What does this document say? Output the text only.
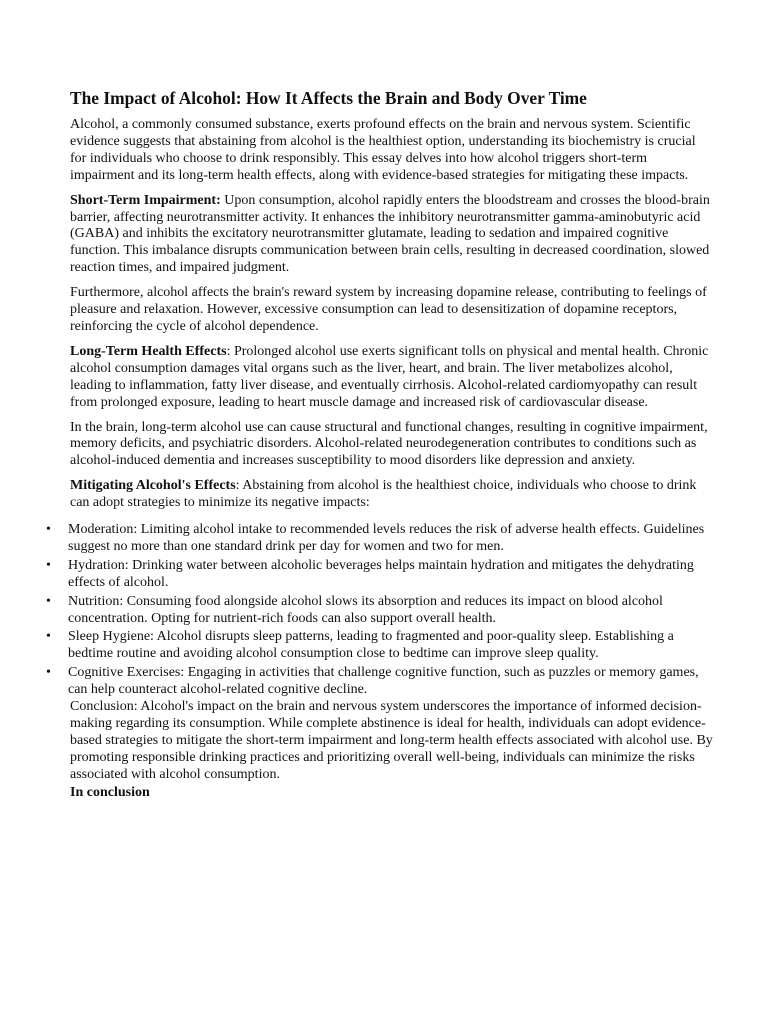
The Impact of Alcohol: How It Affects the Brain and Body Over Time

Alcohol, a commonly consumed substance, exerts profound effects on the brain and nervous system. Scientific evidence suggests that abstaining from alcohol is the healthiest option, understanding its biochemistry is crucial for individuals who choose to drink responsibly. This essay delves into how alcohol triggers short-term impairment and its long-term health effects, along with evidence-based strategies for mitigating these impacts.

Short-Term Impairment: Upon consumption, alcohol rapidly enters the bloodstream and crosses the blood-brain barrier, affecting neurotransmitter activity. It enhances the inhibitory neurotransmitter gamma-aminobutyric acid (GABA) and inhibits the excitatory neurotransmitter glutamate, leading to sedation and impaired cognitive function. This imbalance disrupts communication between brain cells, resulting in decreased coordination, slowed reaction times, and impaired judgment.

Furthermore, alcohol affects the brain's reward system by increasing dopamine release, contributing to feelings of pleasure and relaxation. However, excessive consumption can lead to desensitization of dopamine receptors, reinforcing the cycle of alcohol dependence.

Long-Term Health Effects: Prolonged alcohol use exerts significant tolls on physical and mental health. Chronic alcohol consumption damages vital organs such as the liver, heart, and brain. The liver metabolizes alcohol, leading to inflammation, fatty liver disease, and eventually cirrhosis. Alcohol-related cardiomyopathy can result from prolonged exposure, leading to heart muscle damage and increased risk of cardiovascular disease.

In the brain, long-term alcohol use can cause structural and functional changes, resulting in cognitive impairment, memory deficits, and psychiatric disorders. Alcohol-related neurodegeneration contributes to conditions such as alcohol-induced dementia and increases susceptibility to mood disorders like depression and anxiety.

Mitigating Alcohol's Effects: Abstaining from alcohol is the healthiest choice, individuals who choose to drink can adopt strategies to minimize its negative impacts:

•	Moderation: Limiting alcohol intake to recommended levels reduces the risk of adverse health effects. Guidelines suggest no more than one standard drink per day for women and two for men.
•	Hydration: Drinking water between alcoholic beverages helps maintain hydration and mitigates the dehydrating effects of alcohol.
•	Nutrition: Consuming food alongside alcohol slows its absorption and reduces its impact on blood alcohol concentration. Opting for nutrient-rich foods can also support overall health.
•	Sleep Hygiene: Alcohol disrupts sleep patterns, leading to fragmented and poor-quality sleep. Establishing a bedtime routine and avoiding alcohol consumption close to bedtime can improve sleep quality.
•	Cognitive Exercises: Engaging in activities that challenge cognitive function, such as puzzles or memory games, can help counteract alcohol-related cognitive decline.

Conclusion: Alcohol's impact on the brain and nervous system underscores the importance of informed decision-making regarding its consumption. While complete abstinence is ideal for health, individuals can adopt evidence-based strategies to mitigate the short-term impairment and long-term health effects associated with alcohol use. By promoting responsible drinking practices and prioritizing overall well-being, individuals can minimize the risks associated with alcohol consumption.

In conclusion
